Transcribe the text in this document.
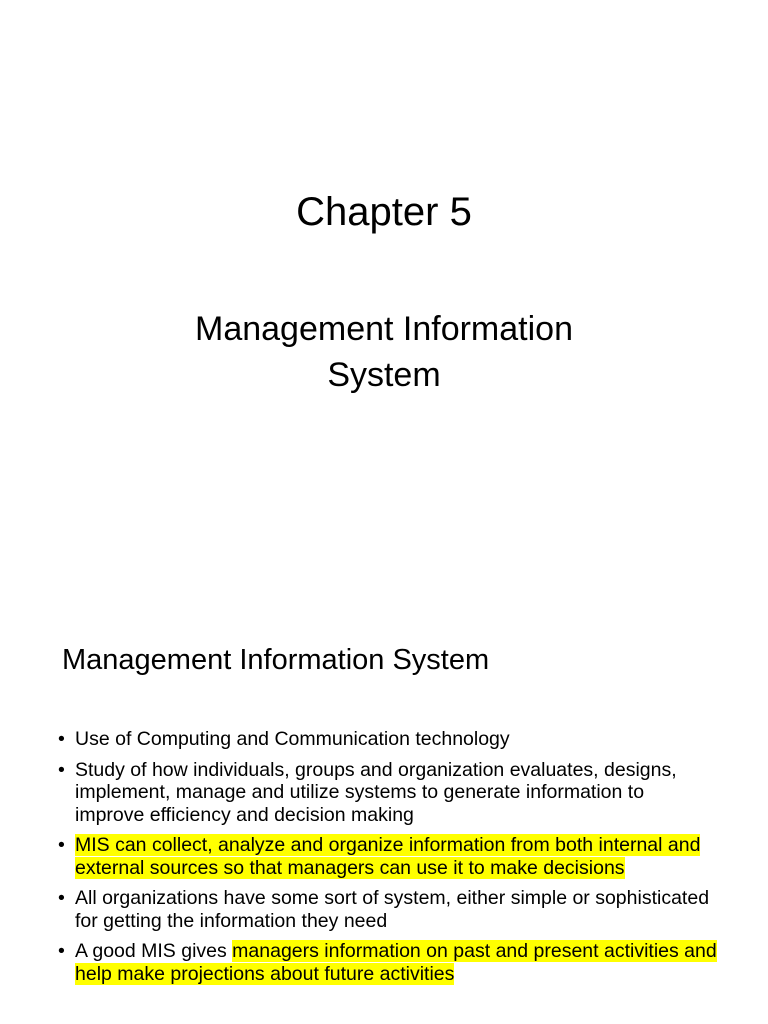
Chapter 5
Management Information
System
Management Information System
• Use of Computing and Communication technology
• Study of how individuals, groups and organization evaluates, designs, implement, manage and utilize systems to generate information to improve efficiency and decision making
• MIS can collect, analyze and organize information from both internal and external sources so that managers can use it to make decisions
• All organizations have some sort of system, either simple or sophisticated for getting the information they need
• A good MIS gives managers information on past and present activities and help make projections about future activities
